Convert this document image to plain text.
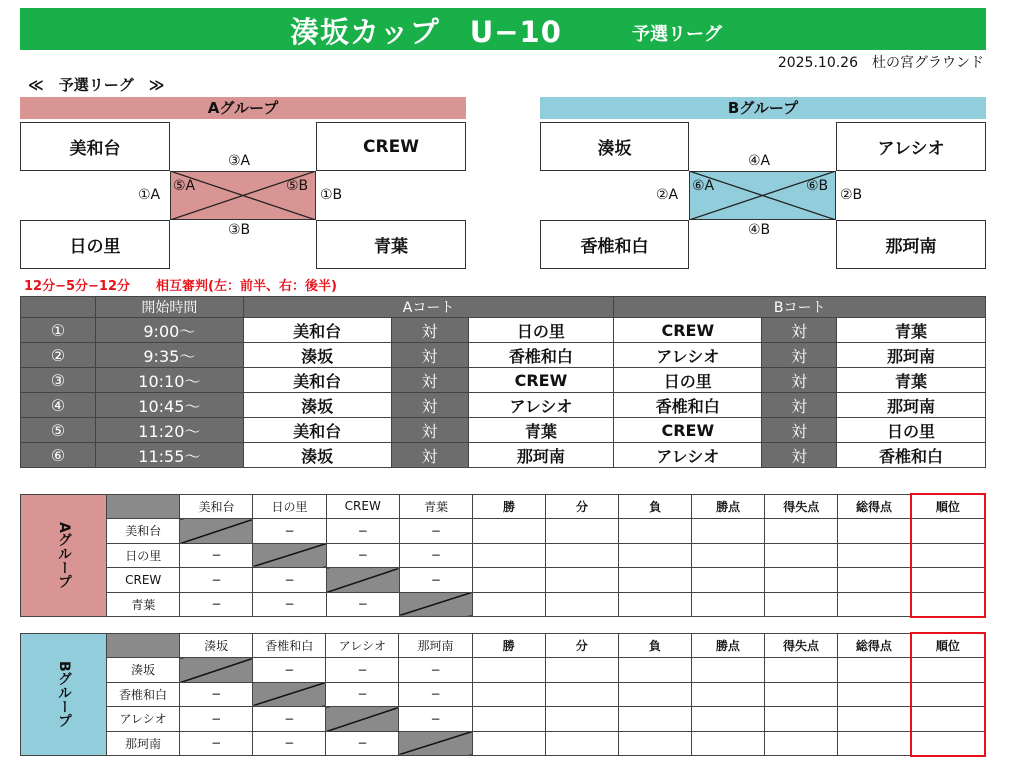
湊坂カップ　U−10	予選リーグ
2025.10.26　杜の宮グラウンド
≪　予選リーグ　≫
Aグループ
美和台	CREW
日の里	青葉
③A
③B
①A	①B
⑤A	⑤B
Bグループ
湊坂	アレシオ
香椎和白	那珂南
④A
④B
②A	②B
⑥A	⑥B
12分−5分−12分　　相互審判(左：前半、右：後半)
	開始時間	Aコート			Bコート		
①	9:00〜	美和台	対	日の里	CREW	対	青葉
②	9:35〜	湊坂	対	香椎和白	アレシオ	対	那珂南
③	10:10〜	美和台	対	CREW	日の里	対	青葉
④	10:45〜	湊坂	対	アレシオ	香椎和白	対	那珂南
⑤	11:20〜	美和台	対	青葉	CREW	対	日の里
⑥	11:55〜	湊坂	対	那珂南	アレシオ	対	香椎和白
Aグループ		美和台	日の里	CREW	青葉	勝	分	負	勝点	得失点	総得点	順位
	美和台		−	−	−							
	日の里	−		−	−							
	CREW	−	−		−							
	青葉	−	−	−								
Bグループ		湊坂	香椎和白	アレシオ	那珂南	勝	分	負	勝点	得失点	総得点	順位
	湊坂		−	−	−							
	香椎和白	−		−	−							
	アレシオ	−	−		−							
	那珂南	−	−	−								
